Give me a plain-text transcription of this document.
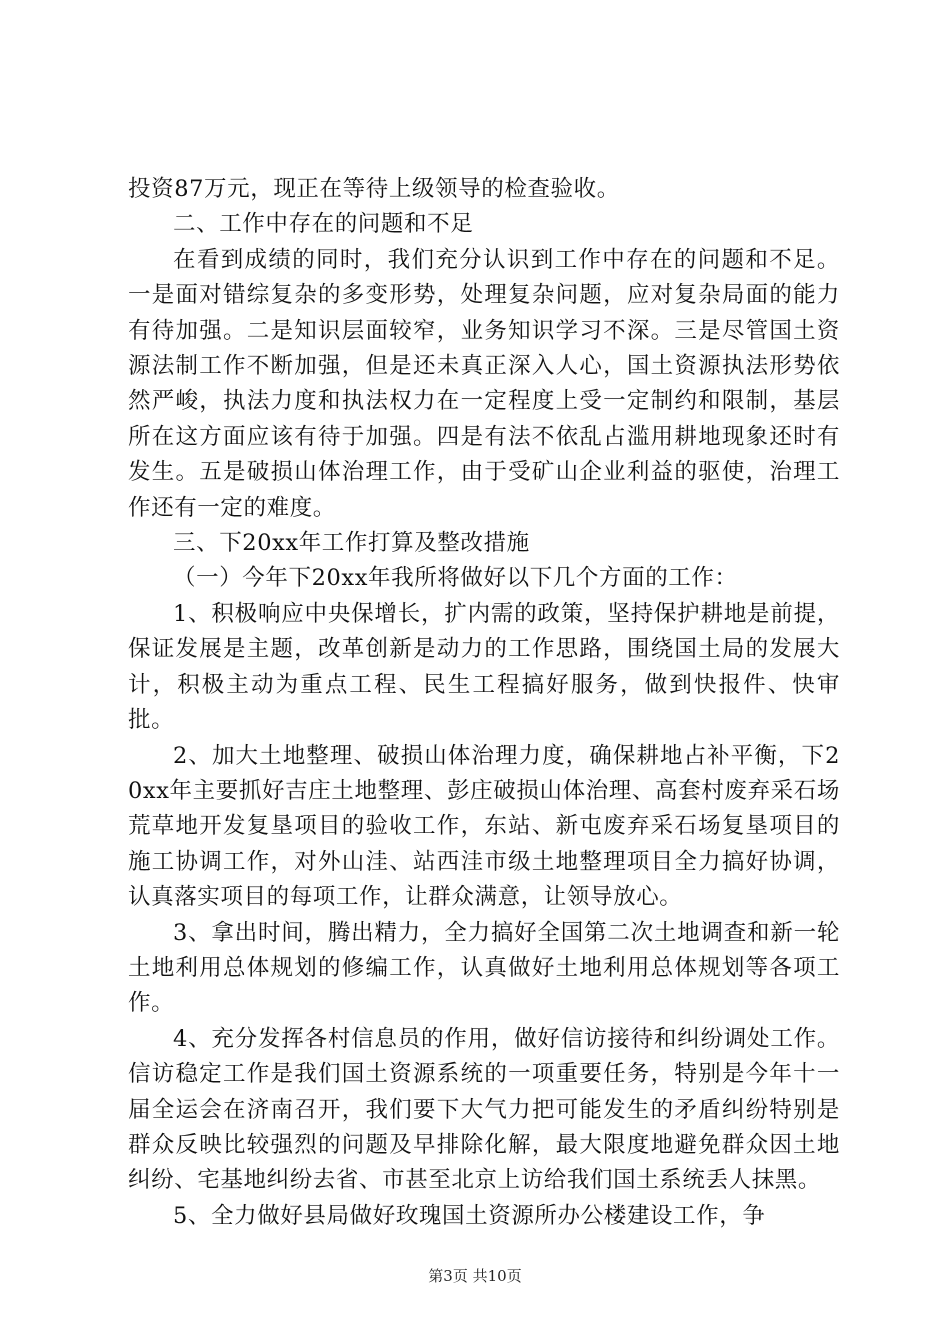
投资87万元，现正在等待上级领导的检查验收。

二、工作中存在的问题和不足

在看到成绩的同时，我们充分认识到工作中存在的问题和不足。一是面对错综复杂的多变形势，处理复杂问题，应对复杂局面的能力有待加强。二是知识层面较窄，业务知识学习不深。三是尽管国土资源法制工作不断加强，但是还未真正深入人心，国土资源执法形势依然严峻，执法力度和执法权力在一定程度上受一定制约和限制，基层所在这方面应该有待于加强。四是有法不依乱占滥用耕地现象还时有发生。五是破损山体治理工作，由于受矿山企业利益的驱使，治理工作还有一定的难度。

三、下20xx年工作打算及整改措施

（一）今年下20xx年我所将做好以下几个方面的工作：

1、积极响应中央保增长，扩内需的政策，坚持保护耕地是前提，保证发展是主题，改革创新是动力的工作思路，围绕国土局的发展大计，积极主动为重点工程、民生工程搞好服务，做到快报件、快审批。

2、加大土地整理、破损山体治理力度，确保耕地占补平衡，下20xx年主要抓好吉庄土地整理、彭庄破损山体治理、高套村废弃采石场荒草地开发复垦项目的验收工作，东站、新屯废弃采石场复垦项目的施工协调工作，对外山洼、站西洼市级土地整理项目全力搞好协调，认真落实项目的每项工作，让群众满意，让领导放心。

3、拿出时间，腾出精力，全力搞好全国第二次土地调查和新一轮土地利用总体规划的修编工作，认真做好土地利用总体规划等各项工作。

4、充分发挥各村信息员的作用，做好信访接待和纠纷调处工作。信访稳定工作是我们国土资源系统的一项重要任务，特别是今年十一届全运会在济南召开，我们要下大气力把可能发生的矛盾纠纷特别是群众反映比较强烈的问题及早排除化解，最大限度地避免群众因土地纠纷、宅基地纠纷去省、市甚至北京上访给我们国土系统丢人抹黑。

5、全力做好县局做好玫瑰国土资源所办公楼建设工作，争

第3页 共10页
